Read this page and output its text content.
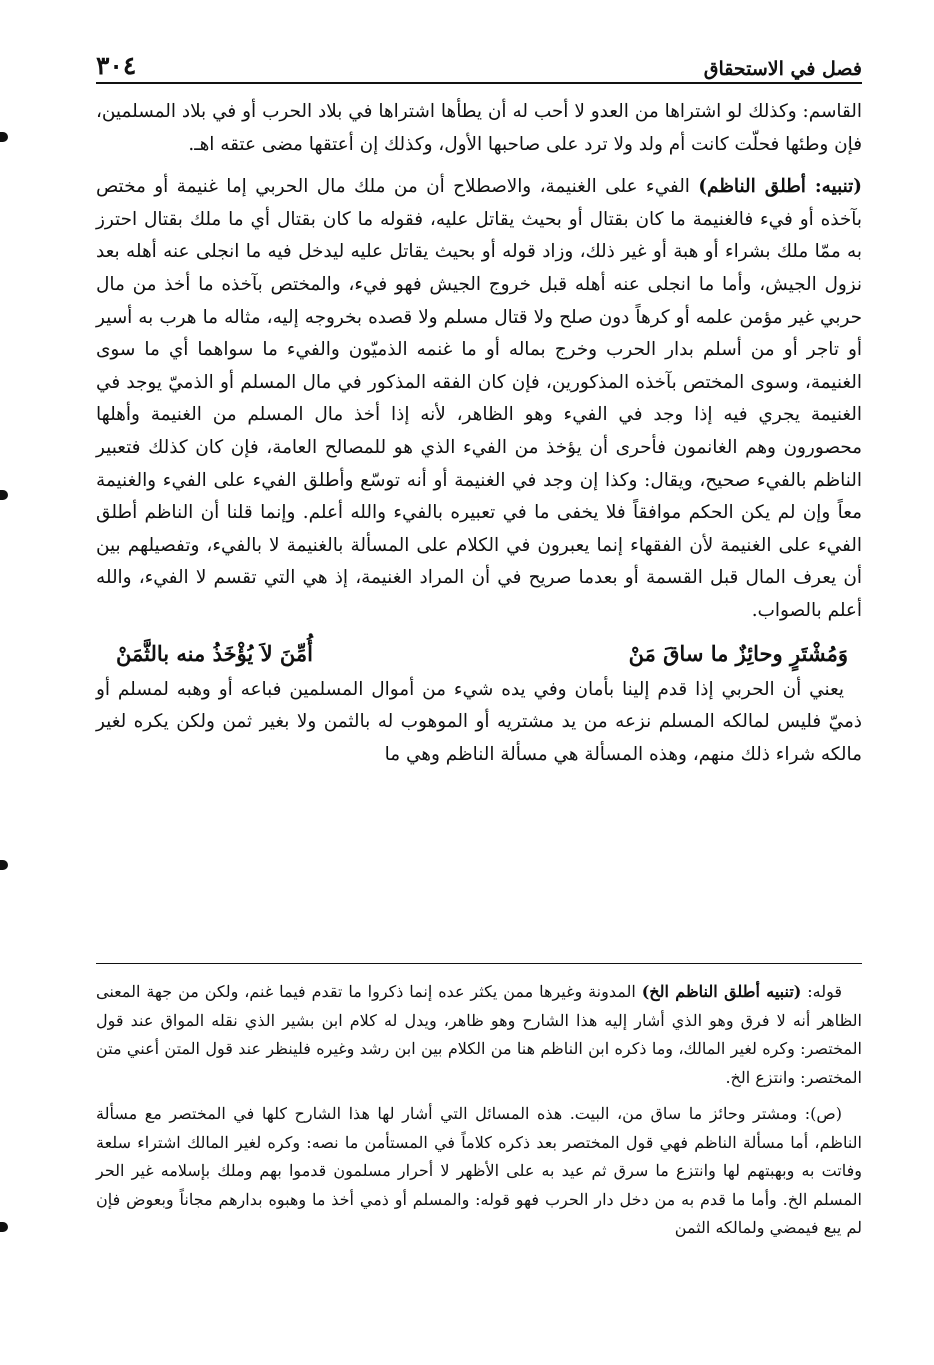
فصل في الاستحقاق
٣٠٤

القاسم: وكذلك لو اشتراها من العدو لا أحب له أن يطأها اشتراها في بلاد الحرب أو في بلاد المسلمين، فإن وطئها فحلّت كانت أم ولد ولا ترد على صاحبها الأول، وكذلك إن أعتقها مضى عتقه اهـ.

(تنبيه: أطلق الناظم) الفيء على الغنيمة، والاصطلاح أن من ملك مال الحربي إما غنيمة أو مختص بآخذه أو فيء فالغنيمة ما كان بقتال أو بحيث يقاتل عليه، فقوله ما كان بقتال أي ما ملك بقتال احترز به ممّا ملك بشراء أو هبة أو غير ذلك، وزاد قوله أو بحيث يقاتل عليه ليدخل فيه ما انجلى عنه أهله بعد نزول الجيش، وأما ما انجلى عنه أهله قبل خروج الجيش فهو فيء، والمختص بآخذه ما أخذ من مال حربي غير مؤمن علمه أو كرهاً دون صلح ولا قتال مسلم ولا قصده بخروجه إليه، مثاله ما هرب به أسير أو تاجر أو من أسلم بدار الحرب وخرج بماله أو ما غنمه الذميّون والفيء ما سواهما أي ما سوى الغنيمة، وسوى المختص بآخذه المذكورين، فإن كان الفقه المذكور في مال المسلم أو الذميّ يوجد في الغنيمة يجري فيه إذا وجد في الفيء وهو الظاهر، لأنه إذا أخذ مال المسلم من الغنيمة وأهلها محصورون وهم الغانمون فأحرى أن يؤخذ من الفيء الذي هو للمصالح العامة، فإن كان كذلك فتعبير الناظم بالفيء صحيح، ويقال: وكذا إن وجد في الغنيمة أو أنه توسّع وأطلق الفيء على الفيء والغنيمة معاً وإن لم يكن الحكم موافقاً فلا يخفى ما في تعبيره بالفيء والله أعلم. وإنما قلنا أن الناظم أطلق الفيء على الغنيمة لأن الفقهاء إنما يعبرون في الكلام على المسألة بالغنيمة لا بالفيء، وتفصيلهم بين أن يعرف المال قبل القسمة أو بعدما صريح في أن المراد الغنيمة، إذ هي التي تقسم لا الفيء، والله أعلم بالصواب.

وَمُشْتَرٍ وحائِزٌ ما ساقَ مَنْ
أُمِّنَ لاَ يُؤْخَذُ منه بالثَّمَنْ

يعني أن الحربي إذا قدم إلينا بأمان وفي يده شيء من أموال المسلمين فباعه أو وهبه لمسلم أو ذميّ فليس لمالكه المسلم نزعه من يد مشتريه أو الموهوب له بالثمن ولا بغير ثمن ولكن يكره لغير مالكه شراء ذلك منهم، وهذه المسألة هي مسألة الناظم وهي ما

قوله: (تنبيه أطلق الناظم الخ) المدونة وغيرها ممن يكثر عده إنما ذكروا ما تقدم فيما غنم، ولكن من جهة المعنى الظاهر أنه لا فرق وهو الذي أشار إليه هذا الشارح وهو ظاهر، ويدل له كلام ابن بشير الذي نقله المواق عند قول المختصر: وكره لغير المالك، وما ذكره ابن الناظم هنا من الكلام بين ابن رشد وغيره فلينظر عند قول المتن أعني متن المختصر: وانتزع الخ.

(ص): ومشتر وحائز ما ساق من، البيت. هذه المسائل التي أشار لها هذا الشارح كلها في المختصر مع مسألة الناظم، أما مسألة الناظم فهي قول المختصر بعد ذكره كلاماً في المستأمن ما نصه: وكره لغير المالك اشتراء سلعة وفاتت به وبهبتهم لها وانتزع ما سرق ثم عيد به على الأظهر لا أحرار مسلمون قدموا بهم وملك بإسلامه غير الحر المسلم الخ. وأما ما قدم به من دخل دار الحرب فهو قوله: والمسلم أو ذمي أخذ ما وهبوه بدارهم مجاناً وبعوض فإن لم يبع فيمضي ولمالكه الثمن
